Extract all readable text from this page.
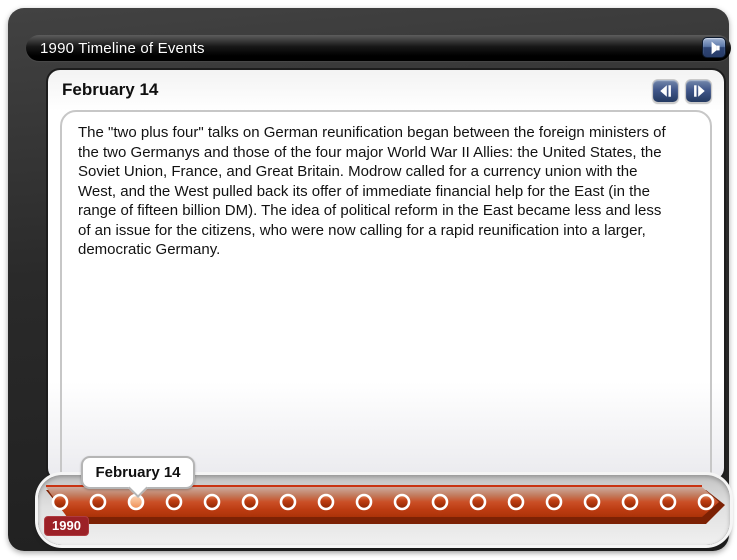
1990 Timeline of Events
February 14
The "two plus four" talks on German reunification began between the foreign ministers of the two Germanys and those of the four major World War II Allies: the United States, the Soviet Union, France, and Great Britain. Modrow called for a currency union with the West, and the West pulled back its offer of immediate financial help for the East (in the range of fifteen billion DM). The idea of political reform in the East became less and less of an issue for the citizens, who were now calling for a rapid reunification into a larger, democratic Germany.
1990
February 14
